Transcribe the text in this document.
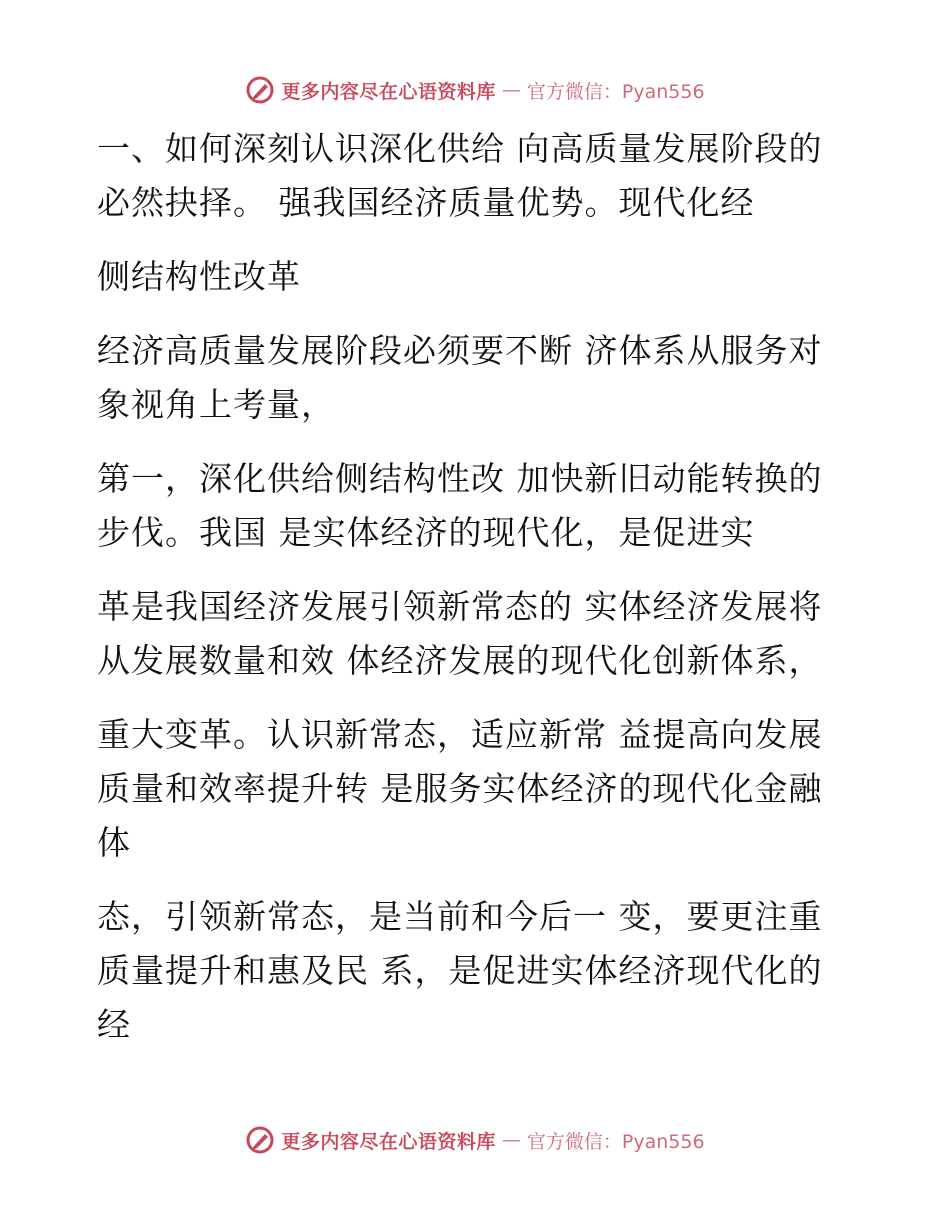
更多内容尽在心语资料库 — 官方微信：Pyan556
一、如何深刻认识深化供给 向高质量发展阶段的
必然抉择。 强我国经济质量优势。现代化经
侧结构性改革
经济高质量发展阶段必须要不断 济体系从服务对
象视角上考量，
第一，深化供给侧结构性改 加快新旧动能转换的
步伐。我国 是实体经济的现代化，是促进实
革是我国经济发展引领新常态的 实体经济发展将
从发展数量和效 体经济发展的现代化创新体系，
重大变革。认识新常态，适应新常 益提高向发展
质量和效率提升转 是服务实体经济的现代化金融
体
态，引领新常态，是当前和今后一 变，要更注重
质量提升和惠及民 系，是促进实体经济现代化的
经
更多内容尽在心语资料库 — 官方微信：Pyan556
